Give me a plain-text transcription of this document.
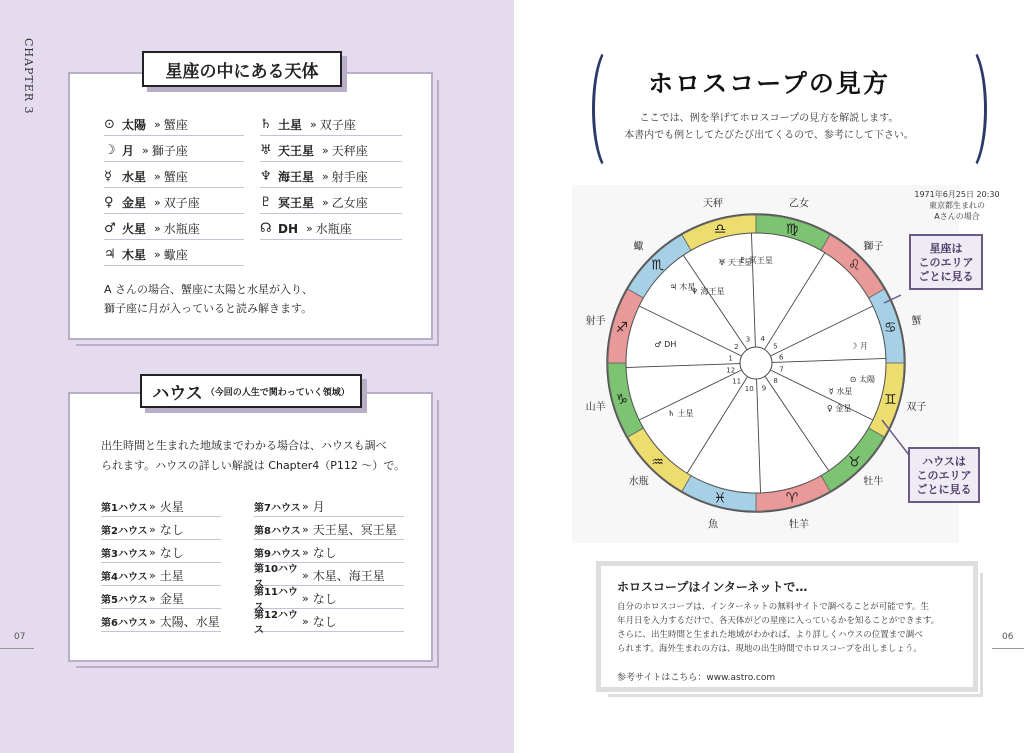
CHAPTER 3
07
星座の中にある天体
⊙ 太陽 » 蟹座
☽ 月 » 獅子座
☿ 水星 » 蟹座
♀ 金星 » 双子座
♂ 火星 » 水瓶座
♃ 木星 » 蠍座
♄ 土星 » 双子座
♅ 天王星 » 天秤座
♆ 海王星 » 射手座
♇ 冥王星 » 乙女座
☊ DH » 水瓶座
A さんの場合、蟹座に太陽と水星が入り、
獅子座に月が入っていると読み解きます。
ハウス （今回の人生で関わっていく領域）
出生時間と生まれた地域までわかる場合は、ハウスも調べ
られます。ハウスの詳しい解説は Chapter4（P112 〜）で。
第1ハウス » 火星
第2ハウス » なし
第3ハウス » なし
第4ハウス » 土星
第5ハウス » 金星
第6ハウス » 太陽、水星
第7ハウス » 月
第8ハウス » 天王星、冥王星
第9ハウス » なし
第10ハウス
» 木星、海王星
第11ハウス
» なし
第12ハウス
» なし
ホロスコープの見方
ここでは、例を挙げてホロスコープの見方を解説します。
本書内でも例としてたびたび出てくるので、参考にして下さい。
♎
天秤
♍
乙女
♌
獅子
♋ 蟹
♊ 双子
♉
牡牛
♈
牡羊
♓
魚
♒
水瓶
♑
山羊
♐
射手
♏
蠍
1
2
3 4
5
6
7
8
9
10
11
12
♂ DH
♄ 土星
♀ 金星
⊙ 太陽
☿ 水星
☽ 月
♅ 天王星
♇ 冥王星
♃ 木星
♆ 海王星
1971年6月25日 20:30
東京都生まれの
Aさんの場合
星座は
このエリア
ごとに見る
ハウスは
このエリア
ごとに見る
ホロスコープはインターネットで…
自分のホロスコープは、インターネットの無料サイトで調べることが可能です。生
年月日を入力するだけで、各天体がどの星座に入っているかを知ることができます。
さらに、出生時間と生まれた地域がわかれば、より詳しくハウスの位置まで調べ
られます。海外生まれの方は、現地の出生時間でホロスコープを出しましょう。
参考サイトはこちら：www.astro.com
06
